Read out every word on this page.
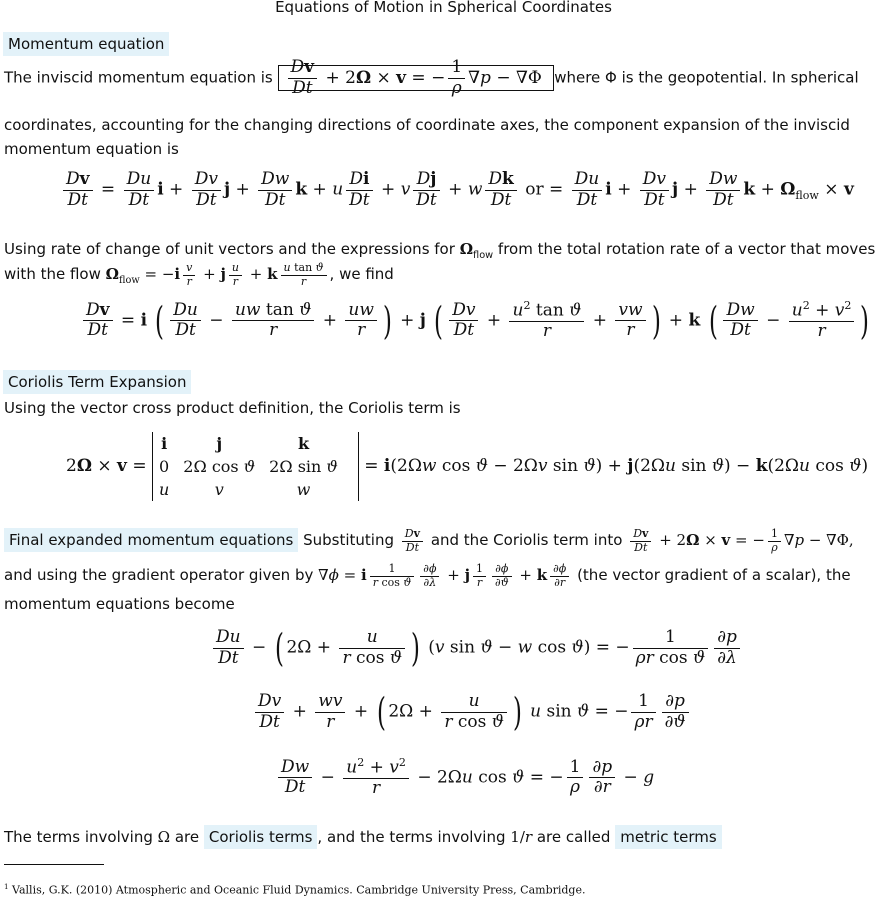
Equations of Motion in Spherical Coordinates
Momentum equation
The inviscid momentum equation is $\frac{Dv}{Dt} + 2\Omega \times v$ = − $\frac{1}{\rho} \nabla p - \nabla\Phi$ where Φ is the geopotential. In spherical
coordinates, accounting for the changing directions of coordinate axes, the component expansion of the inviscid
momentum equation is
$\frac{Dv}{Dt} = \frac{Du}{Dt}$ $i + \frac{Dv}{Dt}$ $j + \frac{Dw}{Dt}$ k + u $\frac{Di}{Dt} + v \frac{Dj}{Dt} + w \frac{Dk}{Dt}$ or = $\frac{Du}{Dt}$ $i + \frac{Dv}{Dt}$ $j + \frac{Dw}{Dt}$ $k + \Omega_{flow} \times v$
Using rate of change of unit vectors and the expressions for $\Omega_{flow}$ from the total rotation rate of a vector that moves
with the flow $\Omega_{flow} = -i \frac{v}{r} + j \frac{u}{r} + k \frac{\text{u tan ϑ}}{r}$ , we find
$\frac{Dv}{Dt} = i$ ( $\frac{Du}{Dt} - \frac{\text{uw tan ϑ}}{r} + \frac{uw}{r}$ ) + j ( $\frac{Dv}{Dt} + \frac{u^2 \tan ϑ}{r} + \frac{vw}{r}$ ) + k ( $\frac{Dw}{Dt} - \frac{u^2 + v^2}{r}$ )
Coriolis Term Expansion
Using the vector cross product definition, the Coriolis term is
2Ω × v =
i	j	k
0	2Ω cos ϑ	2Ω sin ϑ
u	v	w
= i(2Ωw cos ϑ − 2Ωv sin ϑ) + j(2Ωu sin ϑ) − k(2Ωu cos ϑ)
Final expanded momentum equations Substituting $\frac{Dv}{Dt}$ and the Coriolis term into $\frac{Dv}{Dt} + 2\Omega \times v$ = − $\frac{1}{\rho} \nabla p - \nabla\Phi$,
and using the gradient operator given by ∇ϕ = i $\frac{1}{\text{r cos ϑ}} \frac{\partial\phi}{\partial\lambda} + j \frac{1}{r} \frac{\partial\phi}{\partial ϑ} + k \frac{\partial\phi}{\partial r} (the$ vector gradient of a scalar), the
momentum equations become
$\frac{Du}{Dt}$ − ( $2\Omega + \frac{u}{\text{r cos ϑ}}$ ) (v sin ϑ − w cos ϑ) = − $\frac{1}{\text{ρr cos ϑ}} \frac{\partial p}{\partial\lambda}$
$\frac{Dv}{Dt} + \frac{wv}{r}$ + ( $2\Omega + \frac{u}{\text{r cos ϑ}}$ ) u sin ϑ = − $\frac{1}{\rho r} \frac{\partial p}{\partial ϑ}$
$\frac{Dw}{Dt} - \frac{u^2 + v^2}{r} - 2\Omega u$ cos ϑ = − $\frac{1}{\rho} \frac{\partial p}{\partial r} - g$
The terms involving Ω are Coriolis terms , and the terms involving 1/r are called metric terms
$^1$ Vallis, G.K. (2010) Atmospheric and Oceanic Fluid Dynamics. Cambridge University Press, Cambridge.
